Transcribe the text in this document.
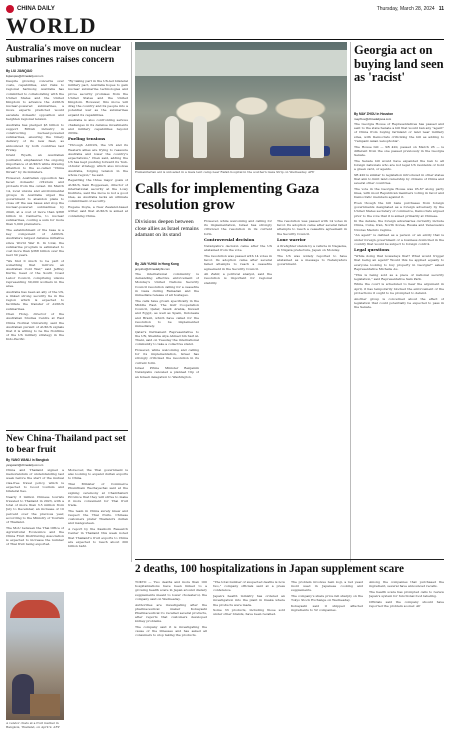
CHINA DAILY	Thursday, March 28, 2024 11
WORLD
Australia's move on nuclear submarines raises concern
By LIU JIANQIAO
liujianqiao@chinadaily.com.cn

Despite growing concerns over costs, capabilities, and risks to regional harmony, Australia has committed to collaborating with the United States and the United Kingdom to advance the AUKUS nuclear-powered submarines, a move experts predicted would escalate domestic opposition and heighten regional tension.

Australia has pledged $3 billion to support British industry in constructing nuclear-powered submarines, ensuring the timely delivery of its new fleet, as announced by both countries last Friday.

Grant Wyeth, an Australian journalist, emphasized the ongoing importance of AUKUS while drawing attention to the so-called "China threat" by its ministers.

However, Australian opposition has faced domestic criticism and protests from the outset. On March 14, local unions and environmental groups in Australia urged the government to abandon plans to close off the sea bases and stop the nuclear-powered submarines by 2040, at a cost of more than $368 billion in Canberra, to nuclear submarines, costing a sum for more than 5,000 premature.

The establishment of the base is a key component of AUKUS. Australia's largest defense initiative since World War II. In total, the submarine program is estimated to cost more than $368 billion over the next 30 years.

"We find it much to be part of something that mirrors an Australian Cold War," said Jeffrey Kurtis, head of the South Coast Labor Council, comprising unions representing 30,000 workers in the area.

Australia has been an ally of the US, a linked strong security tie in the region which is expected to facilitate the transfer of AUKUS submarines.

Chen Hong, director of the Australian Studies Centre at East China Normal University, said the Australian pursuit of AUKUS signals that it is willing to be the frontline of the US military strategy in the Indo-Pacific.

"By taking part in the US-led bilateral military pact, Australia hopes to gain nuclear submarine technologies and prove security promises from the United States and the United Kingdom. However, this move will drag the country and its people into a potential war as the submarines expand its capabilities.

Australia is also confronting serious challenges in its defense investments and military capabilities beyond 2030s.

Fueling tensions

"Through AUKUS, the US and its Western allies are trying to reassure Australia and lower the country's expectations," Chen said, adding the US has kept pushing forward its 'hub-of-hubs' strategy, which also involves Australia, forging tension in the whole region," he said.

Regarding the three major goals of AUKUS, Sam Roggeveen, director of international security at the Lowy Institute, said the move is not a good idea, as Australia lacks an ultimate commitment of security.

Eugene Doyle, a New Zealand-based writer, said that AUKUS is aimed at containing China.

New China-Thailand pact set to bear fruit
By YANG WANLI in Bangkok
yangwanli@chinadaily.com.cn

China and Thailand signed a memorandum of understanding last week before the start of the mutual visa-free travel policy, which is expected to boost tourism and bilateral ties.

Nearly 3 million Chinese tourists traveled to Thailand in 2023, with a total of more than 3.5 million from July to December, an increase of 10 percent over the previous year, according to the Ministry of Tourism of Thailand.

The MoU between the Thai Office of Agricultural Economics and the China Fruit Distributing Association is expected to increase the number of Thai fruit being exported.

Moreover, the Thai government is also looking to expand durian exports to China.

Thai Minister of Commerce Phumtham Wechayachai said at the signing ceremony at Chanthaburi Province that they will strive to make it more convenient for Thai fruit trade.

The team in China surely knew and respect the Thai fruits. Chinese customers prefer Thailand's durian and mangosteen.

A report by the Kasikorn Research Center in Thailand this week noted that Thailand's fruit exports to China are expected to reach about 200 billion baht.

A vendor chats at a fruit market in Bangkok, Thailand, on April 9. AFP
Humanitarian aid is unloaded in a Gaza tent camp near Rafah hospital in the southern Gaza Strip on Wednesday. AFP
Calls for implementing Gaza resolution grow
Divisions deepen between close allies as Israel remains adamant on its stand
By JAN YUHUI in Hong Kong
janyuhui@chinadailyhk.com

The international community is demanding effective enforcement of Monday's United Nations Security Council resolution calling for a ceasefire in Gaza during Ramadan and the immediate release of all hostages.

The calls have grown specifically in the Middle East. The Gulf Cooperation Council, Qatar, Saudi Arabia, Kuwait and Egypt, as well as Spain, Indonesia and Brazil, which have called for the resolution to be implemented immediately.

Qatar's Permanent Representative to the UN, Sheikha Alya Ahmed bin Saif Al-Thani, said on Tuesday the international community to take a collective stand.

However, while welcoming and calling for its implementation, Israel has strongly criticized the resolution in its current form.

Israel Prime Minister Benjamin Netanyahu canceled a planned trip of an Israeli delegation to Washington.

However, while welcoming and calling for its implementation, Israel has strongly criticized the resolution in its current form.

Controversial decision

Netanyahu's decision came after the US abstained from the vote.

The resolution was passed with 14 votes in favor. Its adoption came after several failed attempts to reach a ceasefire agreement in the Security Council.

Ali Zahir, a political analyst, said the resolution is important for regional stability.

The resolution was passed with 14 votes in favor. Its adoption came after several failed attempts to reach a ceasefire agreement in the Security Council.

Lone warrior

A firefighter stands by a vehicle in Nagaoka, in Niigata prefecture, Japan on Monday.

The US was widely reported to have abstained as a message to Netanyahu's government.

Georgia act on buying land seen as 'racist'
By MAY ZHOU in Houston
mayzhou@chinadailyusa.com

The Georgia House of Representatives has passed and sent to the state Senate a bill that would ban any "agent" of China from buying farmland or land near military sites, with Democrats criticizing the bill as adding to "rampant Asian xenophobia".

The House bill — SB 420, passed on March 26 — is different from the one passed previously in the Georgia Senate.

The Senate bill would have expanded the ban to all foreign nationals who are not legal US residents or hold a green card, or agents.

SB 420 is similar to legislation introduced in other states that aim to limit land ownership by citizens of China and several other countries.

The vote in the Georgia House was 95-67 along party lines, with most Republican members voting in favor and Democratic members against it.

Even though the bill bans purchases from foreign governments designated as a foreign adversary by the United States secretary of commerce, Democrats argued prior to the vote that it is aimed primarily at Chinese.

In the debate, the foreign adversaries currently include China, Cuba, Iran, North Korea, Russia and Venezuela's Nicolas Maduro regime.

"An agent" is defined as a person or an entity that is under foreign government or a business domiciled in the country that would be subject to foreign control.

Legal questions

"While doing that nowadays that? What would trigger that being an agent? Would this be applied equally to everyone looking to buy property in Georgia?" asked Representative Michelle Au.

"This is being sold as a piece of national security legislation," said Representative Sam Park.

While the court is scheduled to hear the argument in April, it has temporarily blocked the enforcement of the protections it ought to be prompted to defend.

Another group is concerned about the effect of legislation that could potentially be expected to pass in the Senate.

2 deaths, 100 hospitalizations in Japan supplement scare

TOKYO — Two deaths and more than 100 hospitalizations have been linked to a growing health scare in Japan around dietary supplements meant to lower cholesterol, the company said on Wednesday.

Authorities are investigating after the pharmaceutical maker Kobayashi Pharmaceutical Co recalled several products, after reports that customers developed kidney problems.

The company said it is investigating the cause of the illnesses and has asked all consumers to stop taking the products.

"The total number of suspected deaths is now two," company officials said at a press conference.

Japan's health ministry has ordered an investigation into the plant in Osaka where the products were made.

Some 33 products, including those sold under other brands, have been recalled.

The problem involves beni koji, a red yeast mold used in Japanese cooking and supplements.

The company's share price fell sharply on the Tokyo Stock Exchange on Wednesday.

Kobayashi said it shipped affected ingredients to 52 companies.

Among the companies that purchased the ingredient, several have announced recalls.

The health scare has prompted calls to review Japan's system for functional food labeling.

Officials said the company should have reported the problem sooner. AP
